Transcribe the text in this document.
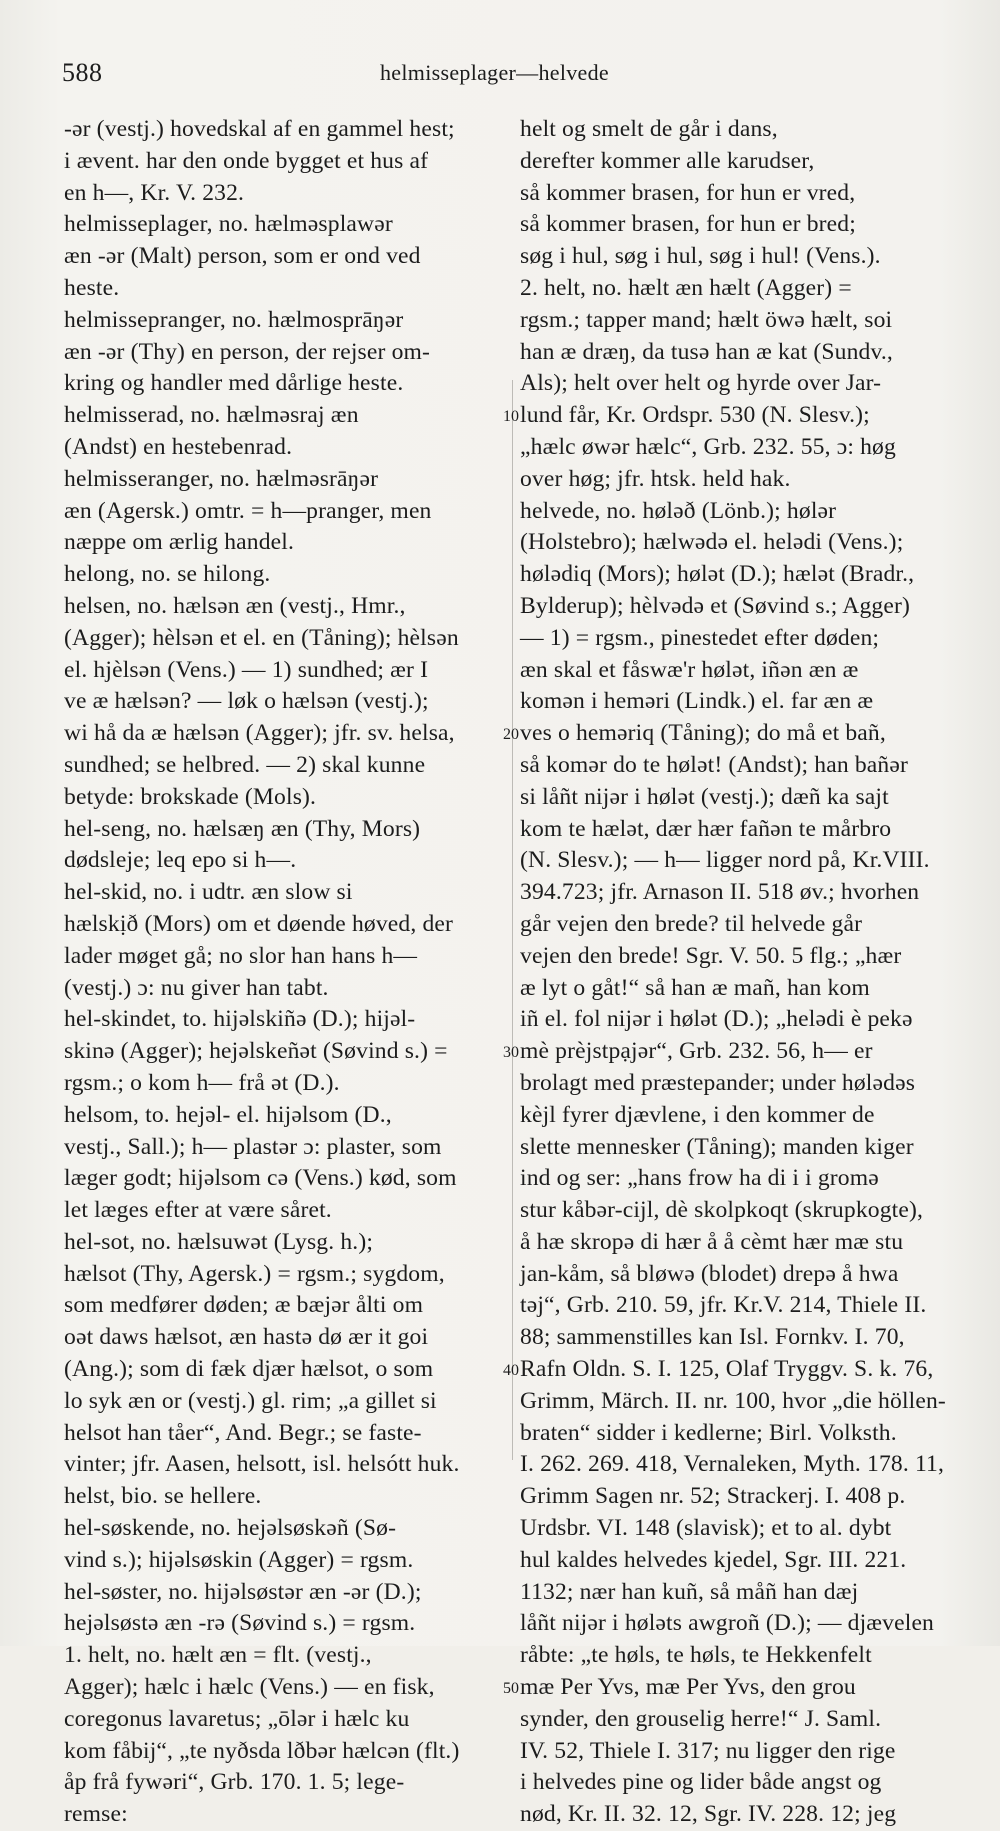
588	helmisseplager—helvede
-ər (vestj.) hovedskal af en gammel hest;
i ævent. har den onde bygget et hus af
en h—, Kr. V. 232.
helmisseplager, no. hælməsplawər
æn -ər (Malt) person, som er ond ved
heste.
helmissepranger, no. hælmosprāŋər
æn -ər (Thy) en person, der rejser om-
kring og handler med dårlige heste.
helmisserad, no. hælməsraj æn
(Andst) en hestebenrad.
helmisseranger, no. hælməsrāŋər
æn (Agersk.) omtr. = h—pranger, men
næppe om ærlig handel.
helong, no. se hilong.
helsen, no. hælsən æn (vestj., Hmr.,
(Agger); hèlsən et el. en (Tåning); hèlsən
el. hjèlsən (Vens.) — 1) sundhed; ær I
ve æ hælsən? — løk o hælsən (vestj.);
wi hå da æ hælsən (Agger); jfr. sv. helsa,
sundhed; se helbred. — 2) skal kunne
betyde: brokskade (Mols).
hel-seng, no. hælsæŋ æn (Thy, Mors)
dødsleje; leq epo si h—.
hel-skid, no. i udtr. æn slow si
hælskịð (Mors) om et døende høved, der
lader møget gå; no slor han hans h—
(vestj.) ɔ: nu giver han tabt.
hel-skindet, to. hijəlskiñə (D.); hijəl-
skinə (Agger); hejəlskeñət (Søvind s.) =
rgsm.; o kom h— frå ət (D.).
helsom, to. hejəl- el. hijəlsom (D.,
vestj., Sall.); h— plastər ɔ: plaster, som
læger godt; hijəlsom cə (Vens.) kød, som
let læges efter at være såret.
hel-sot, no. hælsuwət (Lysg. h.);
hælsot (Thy, Agersk.) = rgsm.; sygdom,
som medfører døden; æ bæjər ålti om
oət daws hælsot, æn hastə dø ær it goi
(Ang.); som di fæk djær hælsot, o som
lo syk æn or (vestj.) gl. rim; „a gillet si
helsot han tåer“, And. Begr.; se faste-
vinter; jfr. Aasen, helsott, isl. helsótt huk.
helst, bio. se hellere.
hel-søskende, no. hejəlsøskəñ (Sø-
vind s.); hijəlsøskin (Agger) = rgsm.
hel-søster, no. hijəlsøstər æn -ər (D.);
hejəlsøstə æn -rə (Søvind s.) = rgsm.
1. helt, no. hælt æn = flt. (vestj.,
Agger); hælc i hælc (Vens.) — en fisk,
coregonus lavaretus; „ōlər i hælc ku
kom fåbij“, „te nyðsda lðbər hælcən (flt.)
åp frå fywəri“, Grb. 170. 1. 5; lege-
remse:
helt og smelt de går i dans,
derefter kommer alle karudser,
så kommer brasen, for hun er vred,
så kommer brasen, for hun er bred;
søg i hul, søg i hul, søg i hul! (Vens.).
2. helt, no. hælt æn hælt (Agger) =
rgsm.; tapper mand; hælt öwə hælt, soi
han æ dræŋ, da tusə han æ kat (Sundv.,
Als); helt over helt og hyrde over Jar-
lund får, Kr. Ordspr. 530 (N. Slesv.);
„hælc øwər hælc“, Grb. 232. 55, ɔ: høg
over høg; jfr. htsk. held hak.
helvede, no. hølәð (Lönb.); hølər
(Holstebro); hælwədə el. helədi (Vens.);
hølədiq (Mors); hølət (D.); hælət (Bradr.,
Bylderup); hèlvədə et (Søvind s.; Agger)
— 1) = rgsm., pinestedet efter døden;
æn skal et fåswæ'r hølət, iñən æn æ
komən i heməri (Lindk.) el. far æn æ
ves o heməriq (Tåning); do må et bañ,
så komər do te hølət! (Andst); han bañər
si låñt nijər i hølət (vestj.); dæñ ka sajt
kom te hælət, dær hær fañən te mårbro
(N. Slesv.); — h— ligger nord på, Kr.VIII.
394.723; jfr. Arnason II. 518 øv.; hvorhen
går vejen den brede? til helvede går
vejen den brede! Sgr. V. 50. 5 flg.; „hær
æ lyt o gåt!“ så han æ mañ, han kom
iñ el. fol nijər i hølət (D.); „helədi è pekə
mè prèjstpạjər“, Grb. 232. 56, h— er
brolagt med præstepander; under hølədəs
kèjl fyrer djævlene, i den kommer de
slette mennesker (Tåning); manden kiger
ind og ser: „hans frow ha di i i gromə
stur kåbər-cijl, dè skolpkoqt (skrupkogte),
å hæ skropə di hær å å cèmt hær mæ stu
jan-kåm, så bløwə (blodet) drepə å hwa
təj“, Grb. 210. 59, jfr. Kr.V. 214, Thiele II.
88; sammenstilles kan Isl. Fornkv. I. 70,
Rafn Oldn. S. I. 125, Olaf Tryggv. S. k. 76,
Grimm, Märch. II. nr. 100, hvor „die höllen-
braten“ sidder i kedlerne; Birl. Volksth.
I. 262. 269. 418, Vernaleken, Myth. 178. 11,
Grimm Sagen nr. 52; Strackerj. I. 408 p.
Urdsbr. VI. 148 (slavisk); et to al. dybt
hul kaldes helvedes kjedel, Sgr. III. 221.
1132; nær han kuñ, så måñ han dæj
låñt nijər i hølәts awgroñ (D.); — djævelen
råbte: „te høls, te høls, te Hekkenfelt
mæ Per Yvs, mæ Per Yvs, den grou
synder, den grouselig herre!“ J. Saml.
IV. 52, Thiele I. 317; nu ligger den rige
i helvedes pine og lider både angst og
nød, Kr. II. 32. 12, Sgr. IV. 228. 12; jeg
10
20
30
40
50
